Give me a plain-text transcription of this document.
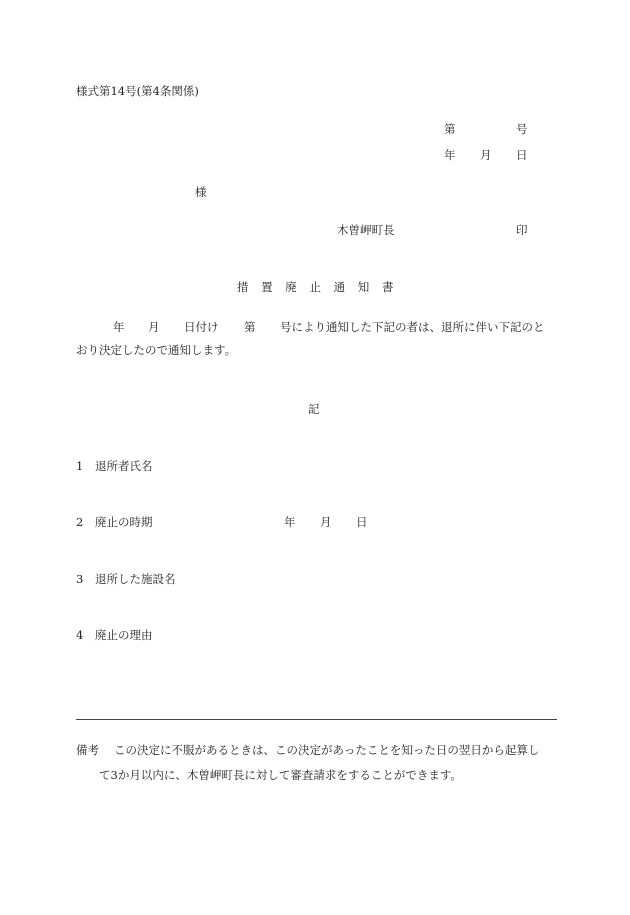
様式第14号(第4条関係)
第	号
年 月 日
様
木曽岬町長	印
措 置 廃 止 通 知 書
年 月 日付け 第 号により通知した下記の者は、退所に伴い下記のと
おり決定したので通知します。
記
1 退所者氏名
2 廃止の時期	年 月 日
3 退所した施設名
4 廃止の理由
備考 この決定に不服があるときは、この決定があったことを知った日の翌日から起算し
て3か月以内に、木曽岬町長に対して審査請求をすることができます。
